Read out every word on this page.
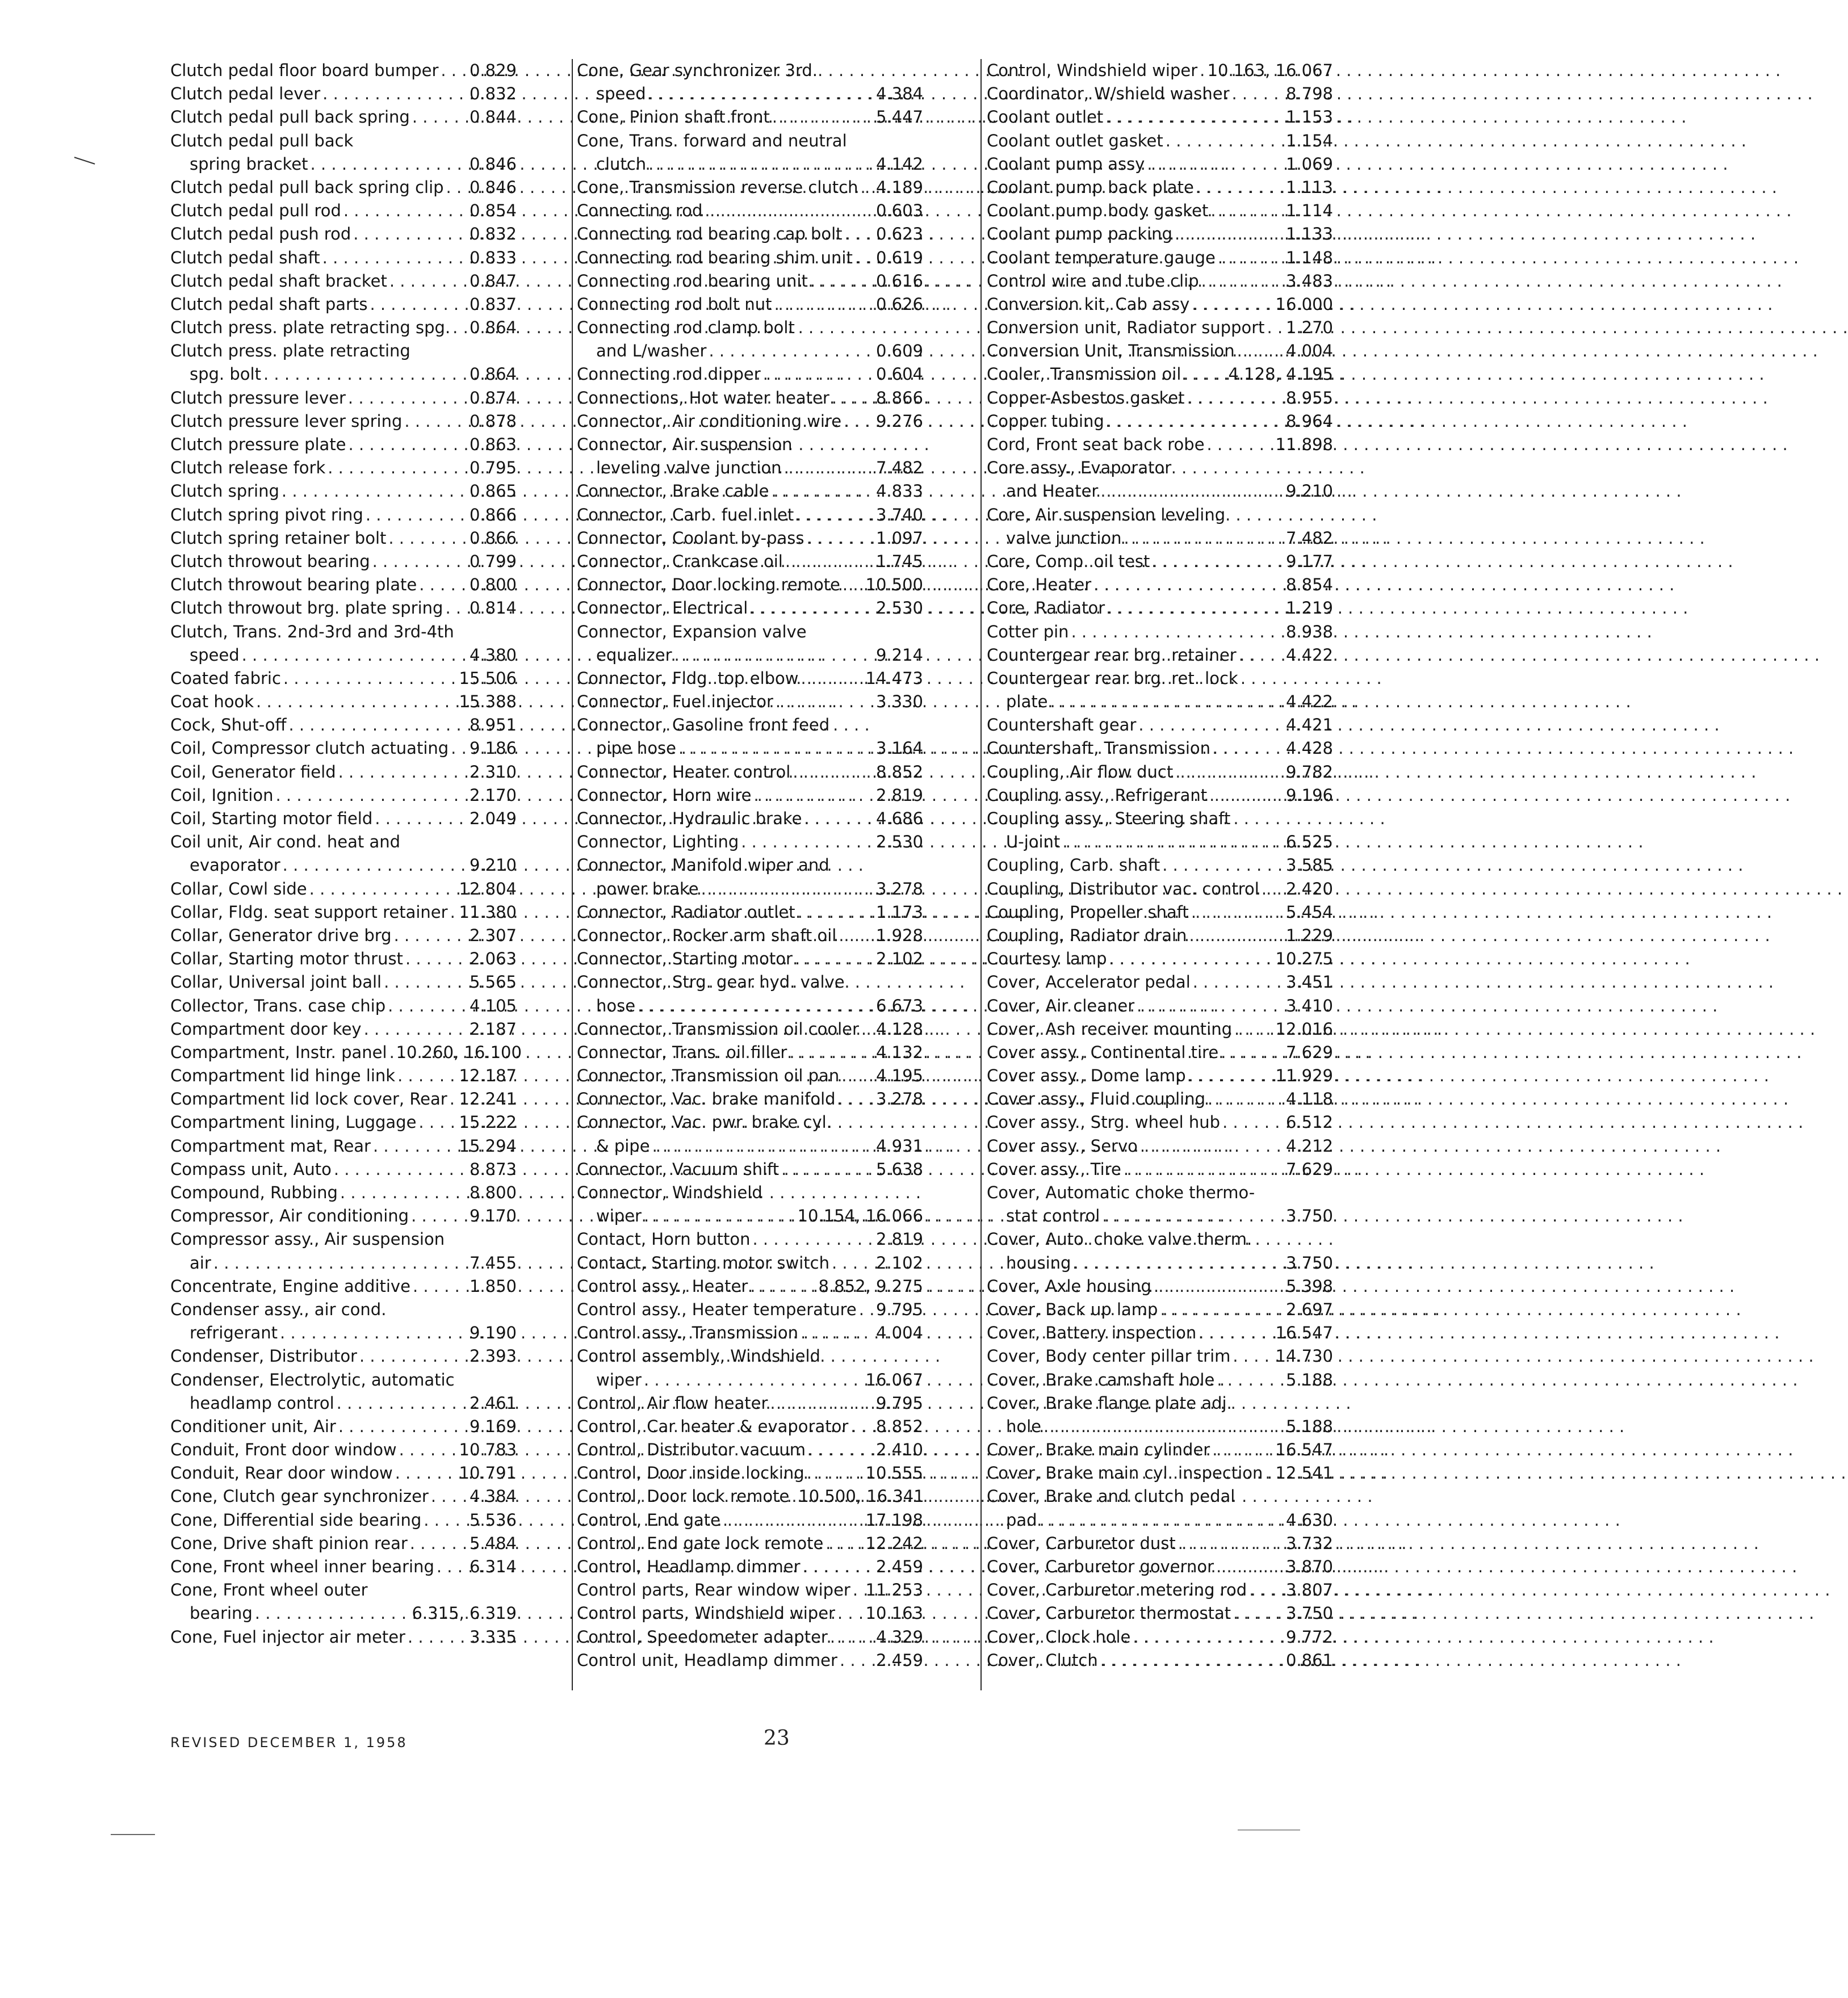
Clutch pedal floor board bumper . . . 0.829
Clutch pedal lever . . .	0.832
Clutch pedal pull back spring . . .	0.844
Clutch pedal pull back
spring bracket . . .	0.846
Clutch pedal pull back spring clip . . . 0.846
Clutch pedal pull rod . . .	0.854
Clutch pedal push rod . . .	0.832
Clutch pedal shaft . . .	0.833
Clutch pedal shaft bracket . . .	0.847
Clutch pedal shaft parts . . .	0.837
Clutch press. plate retracting spg. . . . 0.864
Clutch press. plate retracting
spg. bolt . . .	0.864
Clutch pressure lever . . .	0.874
Clutch pressure lever spring . . .	0.878
Clutch pressure plate . . .	0.863
Clutch release fork . . .	0.795
Clutch spring . . .	0.865
Clutch spring pivot ring . . .	0.866
Clutch spring retainer bolt . . .	0.866
Clutch throwout bearing . . .	0.799
Clutch throwout bearing plate . . .	0.800
Clutch throwout brg. plate spring . . . 0.814
Clutch, Trans. 2nd-3rd and 3rd-4th
speed . . .	4.380
Coated fabric . . .	15.506
Coat hook . . .	15.388
Cock, Shut-off . . .	8.951
Coil, Compressor clutch actuating . . . 9.186
Coil, Generator field . . .	2.310
Coil, Ignition . . .	2.170
Coil, Starting motor field . . .	2.049
Coil unit, Air cond. heat and
evaporator . . .	9.210
Collar, Cowl side . . .	12.804
Collar, Fldg. seat support retainer . . . 11.380
Collar, Generator drive brg . . .	2.307
Collar, Starting motor thrust . . .	2.063
Collar, Universal joint ball . . .	5.565
Collector, Trans. case chip . . .	4.105
Compartment door key . . .	2.187
Compartment, Instr. panel . . . 10.260, 16.100
Compartment lid hinge link . . .	12.187
Compartment lid lock cover, Rear . . . 12.241
Compartment lining, Luggage . . .	15.222
Compartment mat, Rear . . .	15.294
Compass unit, Auto . . .	8.873
Compound, Rubbing . . .	8.800
Compressor, Air conditioning . . .	9.170
Compressor assy., Air suspension
air . . .	7.455
Concentrate, Engine additive . . .	1.850
Condenser assy., air cond.
refrigerant . . .	9.190
Condenser, Distributor . . .	2.393
Condenser, Electrolytic, automatic
headlamp control . . .	2.461
Conditioner unit, Air . . .	9.169
Conduit, Front door window . . .	10.783
Conduit, Rear door window . . .	10.791
Cone, Clutch gear synchronizer . . . 4.384
Cone, Differential side bearing . . .	5.536
Cone, Drive shaft pinion rear . . .	5.484
Cone, Front wheel inner bearing . . . 6.314
Cone, Front wheel outer
bearing . . .	6.315, 6.319
Cone, Fuel injector air meter . . .	3.335
Cone, Gear synchronizer 3rd.
speed . . .	4.384
Cone, Pinion shaft front . . .	5.447
Cone, Trans. forward and neutral
clutch . . .	4.142
Cone, Transmission reverse clutch . . . 4.189
Connecting rod . . .	0.603
Connecting rod bearing cap bolt . . . 0.623
Connecting rod bearing shim unit . . . 0.619
Connecting rod bearing unit . . .	0.616
Connecting rod bolt nut . . .	0.626
Connecting rod clamp bolt
and L/washer . . .	0.609
Connecting rod dipper . . .	0.604
Connections, Hot water heater . . .	8.866
Connector, Air conditioning wire . . . 9.276
Connector, Air suspension
leveling valve junction . . .	7.482
Connector, Brake cable . . .	4.833
Connector, Carb. fuel inlet . . .	3.740
Connector, Coolant by-pass . . .	1.097
Connector, Crankcase oil . . .	1.745
Connector, Door locking remote . . . 10.500
Connector, Electrical . . .	2.530
Connector, Expansion valve
equalizer . . .	9.214
Connector, Fldg. top elbow . . .	14.473
Connector, Fuel injector . . .	3.330
Connector, Gasoline front feed
pipe hose . . .	3.164
Connector, Heater control . . .	8.852
Connector, Horn wire . . .	2.819
Connector, Hydraulic brake . . .	4.686
Connector, Lighting . . .	2.530
Connector, Manifold wiper and
power brake . . .	3.278
Connector, Radiator outlet . . .	1.173
Connector, Rocker arm shaft oil . . . 1.928
Connector, Starting motor . . .	2.102
Connector, Strg. gear hyd. valve
hose . . .	6.673
Connector, Transmission oil cooler . . . 4.128
Connector, Trans. oil filler . . .	4.132
Connector, Transmission oil pan . . . 4.195
Connector, Vac. brake manifold . . . 3.278
Connector, Vac. pwr. brake cyl.
& pipe . . .	4.931
Connector, Vacuum shift . . .	5.638
Connector, Windshield
wiper . . .	10.154, 16.066
Contact, Horn button . . .	2.819
Contact, Starting motor switch . . .	2.102
Control assy., Heater . . .	8.852, 9.275
Control assy., Heater temperature . . . 9.795
Control assy., Transmission . . .	4.004
Control assembly, Windshield
wiper . . .	16.067
Control, Air flow heater . . .	9.795
Control, Car heater & evaporator . . . 8.852
Control, Distributor vacuum . . .	2.410
Control, Door inside locking . . .	10.555
Control, Door lock remote . . . 10.500, 16.341
Control, End gate . . .	17.198
Control, End gate lock remote . . .	12.242
Control, Headlamp dimmer . . .	2.459
Control parts, Rear window wiper . . . 11.253
Control parts, Windshield wiper . . . 10.163
Control, Speedometer adapter . . .	4.329
Control unit, Headlamp dimmer . . . 2.459
Control, Windshield wiper . . . 10.163, 16.067
Coordinator, W/shield washer . . .	8.798
Coolant outlet . . .	1.153
Coolant outlet gasket . . .	1.154
Coolant pump assy . . .	1.069
Coolant pump back plate . . .	1.113
Coolant pump body gasket . . .	1.114
Coolant pump packing . . .	1.133
Coolant temperature gauge . . .	1.148
Control wire and tube clip . . .	3.483
Conversion kit, Cab assy . . .	16.000
Conversion unit, Radiator support . . . 1.270
Conversion Unit, Transmission . . .	4.004
Cooler, Transmission oil . . .	4.128, 4.195
Copper-Asbestos gasket . . .	8.955
Copper tubing . . .	8.964
Cord, Front seat back robe . . .	11.898
Core assy., Evaporator
and Heater . . .	9.210
Core, Air suspension leveling
valve junction . . .	7.482
Core, Comp. oil test . . .	9.177
Core, Heater . . .	8.854
Core, Radiator . . .	1.219
Cotter pin . . .	8.938
Countergear rear brg. retainer . . .	4.422
Countergear rear brg. ret. lock
plate . . .	4.422
Countershaft gear . . .	4.421
Countershaft, Transmission . . .	4.428
Coupling, Air flow duct . . .	9.782
Coupling assy., Refrigerant . . .	9.196
Coupling assy., Steering shaft
U-joint . . .	6.525
Coupling, Carb. shaft . . .	3.585
Coupling, Distributor vac. control . . . 2.420
Coupling, Propeller shaft . . .	5.454
Coupling, Radiator drain . . .	1.229
Courtesy lamp . . .	10.275
Cover, Accelerator pedal . . .	3.451
Cover, Air cleaner . . .	3.410
Cover, Ash receiver mounting . . .	12.016
Cover assy., Continental tire . . .	7.629
Cover assy., Dome lamp . . .	11.929
Cover assy., Fluid coupling . . .	4.118
Cover assy., Strg. wheel hub . . .	6.512
Cover assy., Servo . . .	4.212
Cover assy., Tire . . .	7.629
Cover, Automatic choke thermo-
stat control . . .	3.750
Cover, Auto. choke valve therm.
housing . . .	3.750
Cover, Axle housing . . .	5.398
Cover, Back up lamp . . .	2.697
Cover, Battery inspection . . .	16.547
Cover, Body center pillar trim . . .	14.730
Cover, Brake camshaft hole . . .	5.188
Cover, Brake flange plate adj.
hole . . .	5.188
Cover, Brake main cylinder . . .	16.547
Cover, Brake main cyl. inspection . . . 12.541
Cover, Brake and clutch pedal
pad . . .	4.630
Cover, Carburetor dust . . .	3.732
Cover, Carburetor governor . . .	3.870
Cover, Carburetor metering rod . . . 3.807
Cover, Carburetor thermostat . . .	3.750
Cover, Clock hole . . .	9.772
Cover, Clutch . . .	0.861
REVISED DECEMBER 1, 1958	23
